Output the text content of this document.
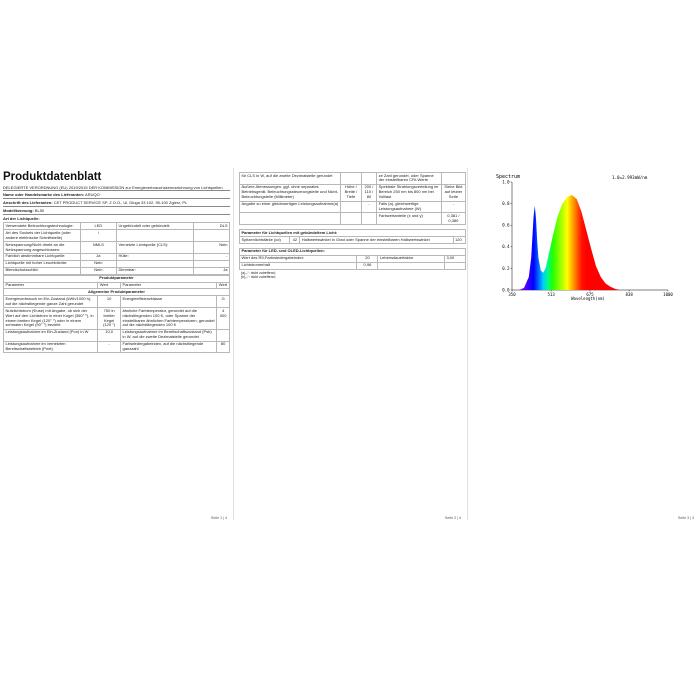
Produktdatenblatt
DELEGIERTE VERORDNUNG (EU) 2019/2015 DER KOMMISSION zur Energieverbrauchskennzeichnung von Lichtquellen
Name oder Handelsmarke des Lieferanten: ARUQO
Anschrift des Lieferanten: CET PRODUCT SERVICE SP. Z O.O., Ul. Dluga 33 102, 95-100 Zgierz, PL
Modellkennung: BL50
Art der Lichtquelle:
Verwendete Beleuchtungstechnologie:	LED	Ungebündelt oder gebündelt:	DLS
Art des Sockels der Lichtquelle (oder andere elektrische Schnittstelle)	/		
Netzspannung/Nicht direkt an die Netzspannung angeschlossen:	NMLS	Vernetzte Lichtquelle (CLS):	Nein
Farblich abstimmbare Lichtquelle:	Ja	Hülle:	-
Lichtquelle mit hoher Leuchtdichte:	Nein		
Blendschutzschild:	Nein	Dimmbar:	Ja
Produktparameter			
Parameter	Wert	Parameter	Wert
Allgemeine Produktparameter			
Energieverbrauch im Ein-Zustand (kWh/1000 h), auf die nächstliegende ganze Zahl gerundet	10	Energieeffizienzklasse	G
Nutzlichtstrom (Φuse) mit Angabe, ob sich der Wert auf den Lichtstrom in einer Kugel (360° ⁰), in einem breiten Kegel (120° ⁰) oder in einem schmalen Kegel (90° ⁰) bezieht	750 in breiter Kegel (120 °)	ähnliche Farbtemperatur, gerundet auf die nächstliegenden 100 K, oder Spanne der einstellbaren ähnlichen Farbtemperaturen, gerundet auf die nächstliegenden 100 K	4 000
Leistungsaufnahme im Ein-Zustand (Pon) in W	10,0	Leistungsaufnahme im Bereitschaftszustand (Psb) in W, auf die zweite Dezimalstelle gerundet	
Leistungsaufnahme im vernetzten Bereitschaftsbetrieb (Pnet)	-	Farbwiedergabeindex, auf die nächstliegende ganzzahl	80
Seite 1 | 4
für CLS in W, auf die zweite Dezimalstelle gerundet			ze Zahl gerundet, oder Spanne der einstellbaren CRI-Werte	
Äußere Abmessungen, ggf. ohne separates Betriebsgerät, Beleuchtungssteuerungsteile und Nicht-Beleuchtungsteile (Millimeter)	Höhe / Breite / Tiefe	200 / 110 / 80	Spektrale Strahlungsverteilung im Bereich 250 nm bis 800 nm bei Volllast	Siehe Bild auf letzter Seite
Angabe zu einer gleichwertigen Leistungsaufnahme(a)		-	Falls (a), gleichwertige Leistungsaufnahme (W)	-
			Farbwertanteile (x und y)	0,381 / 0,380
Parameter für Lichtquellen mit gebündeltem Licht:
Spitzenlichtstärke (cd)	42	Halbwertswinkel in Grad oder Spanne der einstellbaren Halbwertswinkel	120
Parameter für LED- und OLED-Lichtquellen:			
Wert des R9-Farbwiedergabeindex	20	Lebensdauerfaktor	3,00
Lichtstromerhalt	0,96		
(a)„-“: nicht zutreffend;
(b)„-“: nicht zutreffend;
Seite 2 | 4	Seite 3 | 4
Spectrum	1.0=2.993mW/nm
350	513	675	838	1000
1.0
0.8
0.6
0.4
0.2
0.0
Wavelength(nm)
